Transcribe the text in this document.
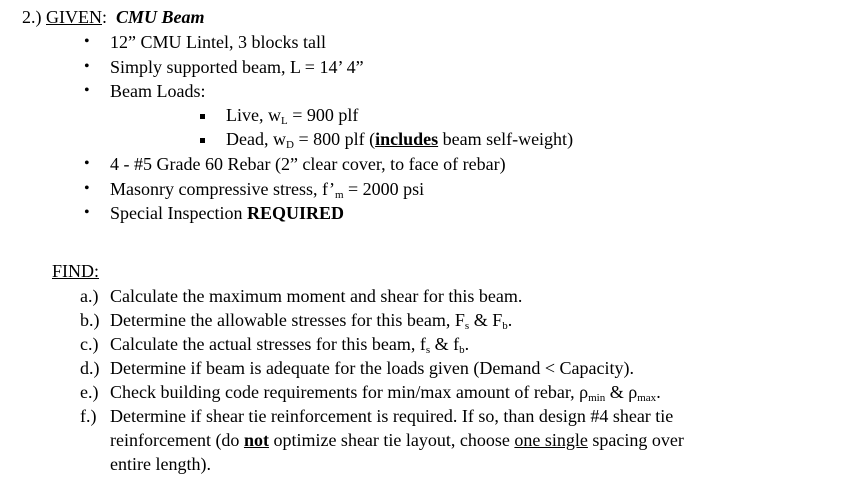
2.) GIVEN: CMU Beam
• 12” CMU Lintel, 3 blocks tall
• Simply supported beam, L = 14’ 4”
• Beam Loads:
Live, $w_L = 900$ plf
Dead, $w_D = 800$ plf (includes beam self-weight)
• 4 - #5 Grade 60 Rebar (2” clear cover, to face of rebar)
• Masonry compressive stress, $f’_m = 2000$ psi
• Special Inspection REQUIRED
FIND:
a.) Calculate the maximum moment and shear for this beam.
b.) Determine the allowable stresses for this beam, $F_s$ & $F_b$.
c.) Calculate the actual stresses for this beam, $f_s$ & $f_b$.
d.) Determine if beam is adequate for the loads given (Demand < Capacity).
e.) Check building code requirements for min/max amount of rebar, $\rho_{min}$ & $\rho_{max}$.
f.) Determine if shear tie reinforcement is required. If so, than design #4 shear tie
reinforcement (do not optimize shear tie layout, choose one single spacing over
entire length).
